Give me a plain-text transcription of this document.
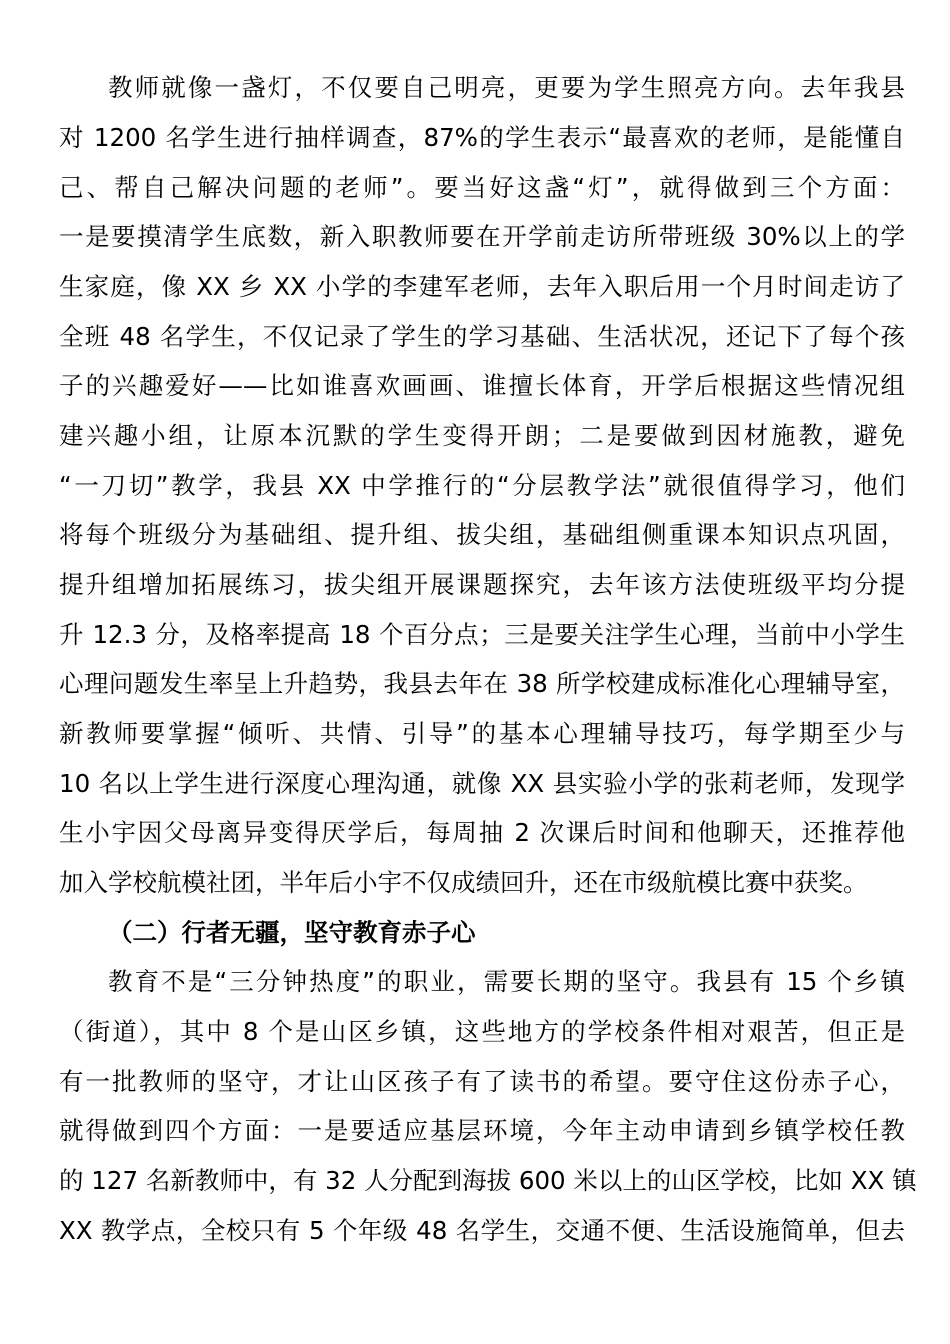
教师就像一盏灯，不仅要自己明亮，更要为学生照亮方向。去年我县
对 1200 名学生进行抽样调查，87%的学生表示“最喜欢的老师，是能懂自
己、帮自己解决问题的老师”。要当好这盏“灯”，就得做到三个方面：
一是要摸清学生底数，新入职教师要在开学前走访所带班级 30%以上的学
生家庭，像 XX 乡 XX 小学的李建军老师，去年入职后用一个月时间走访了
全班 48 名学生，不仅记录了学生的学习基础、生活状况，还记下了每个孩
子的兴趣爱好——比如谁喜欢画画、谁擅长体育，开学后根据这些情况组
建兴趣小组，让原本沉默的学生变得开朗；二是要做到因材施教，避免
“一刀切”教学，我县 XX 中学推行的“分层教学法”就很值得学习，他们
将每个班级分为基础组、提升组、拔尖组，基础组侧重课本知识点巩固，
提升组增加拓展练习，拔尖组开展课题探究，去年该方法使班级平均分提
升 12.3 分，及格率提高 18 个百分点；三是要关注学生心理，当前中小学生
心理问题发生率呈上升趋势，我县去年在 38 所学校建成标准化心理辅导室，
新教师要掌握“倾听、共情、引导”的基本心理辅导技巧，每学期至少与
10 名以上学生进行深度心理沟通，就像 XX 县实验小学的张莉老师，发现学
生小宇因父母离异变得厌学后，每周抽 2 次课后时间和他聊天，还推荐他
加入学校航模社团，半年后小宇不仅成绩回升，还在市级航模比赛中获奖。
（二）行者无疆，坚守教育赤子心
教育不是“三分钟热度”的职业，需要长期的坚守。我县有 15 个乡镇
（街道），其中 8 个是山区乡镇，这些地方的学校条件相对艰苦，但正是
有一批教师的坚守，才让山区孩子有了读书的希望。要守住这份赤子心，
就得做到四个方面：一是要适应基层环境，今年主动申请到乡镇学校任教
的 127 名新教师中，有 32 人分配到海拔 600 米以上的山区学校，比如 XX 镇
XX 教学点，全校只有 5 个年级 48 名学生，交通不便、生活设施简单，但去
